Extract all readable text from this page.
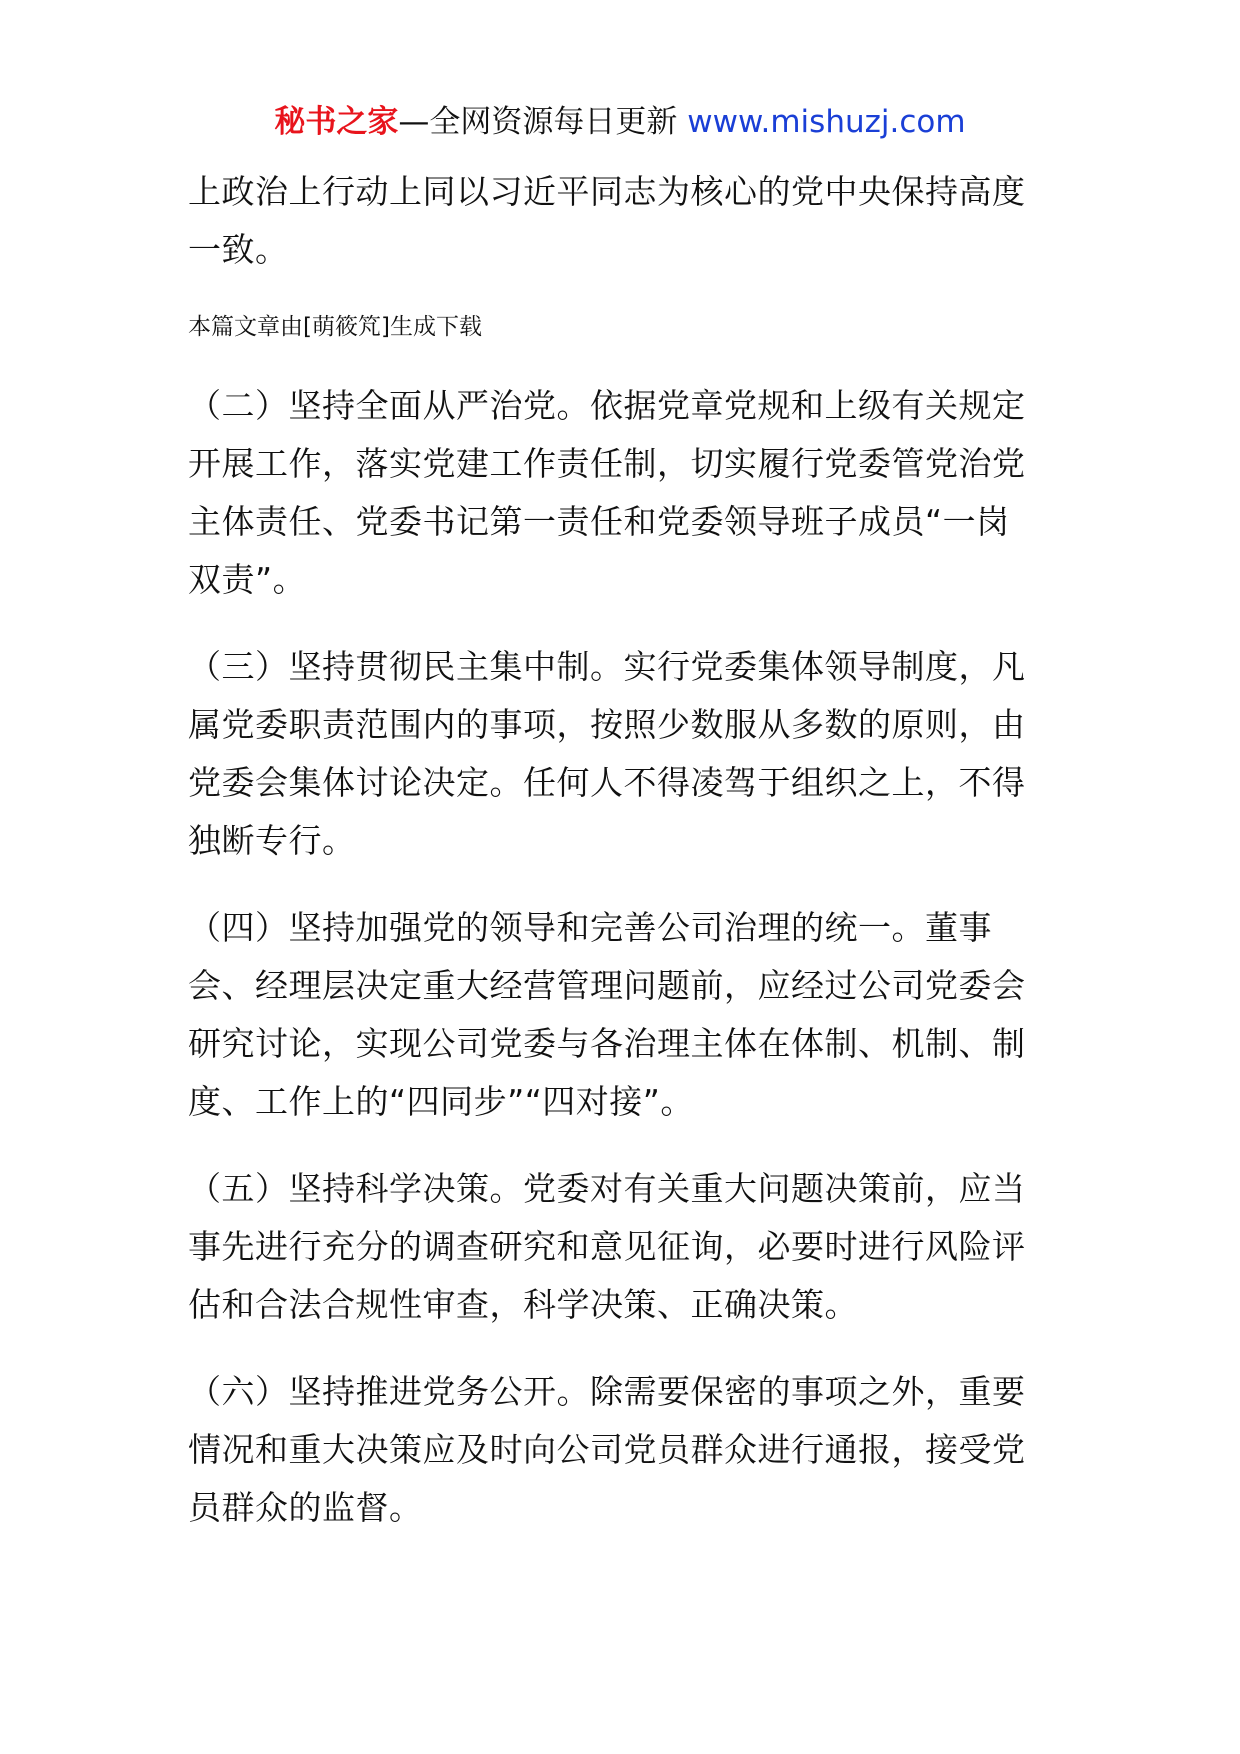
秘书之家—全网资源每日更新 www.mishuzj.com

上政治上行动上同以习近平同志为核心的党中央保持高度一致。

本篇文章由[萌筱竼]生成下载

（二）坚持全面从严治党。依据党章党规和上级有关规定开展工作，落实党建工作责任制，切实履行党委管党治党主体责任、党委书记第一责任和党委领导班子成员“一岗双责”。

（三）坚持贯彻民主集中制。实行党委集体领导制度，凡属党委职责范围内的事项，按照少数服从多数的原则，由党委会集体讨论决定。任何人不得凌驾于组织之上，不得独断专行。

（四）坚持加强党的领导和完善公司治理的统一。董事会、经理层决定重大经营管理问题前，应经过公司党委会研究讨论，实现公司党委与各治理主体在体制、机制、制度、工作上的“四同步”“四对接”。

（五）坚持科学决策。党委对有关重大问题决策前，应当事先进行充分的调查研究和意见征询，必要时进行风险评估和合法合规性审查，科学决策、正确决策。

（六）坚持推进党务公开。除需要保密的事项之外，重要情况和重大决策应及时向公司党员群众进行通报，接受党员群众的监督。
